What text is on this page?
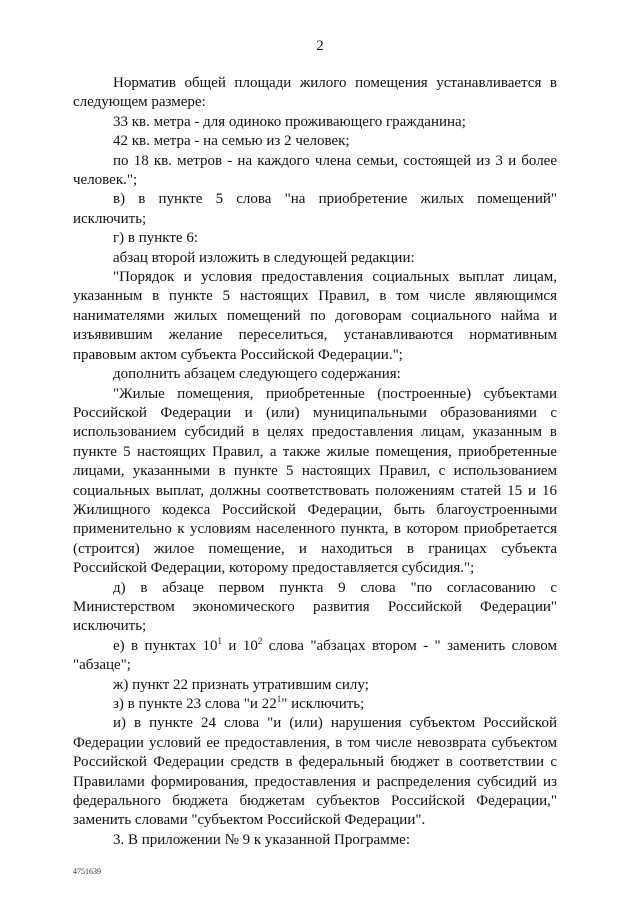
2

Норматив общей площади жилого помещения устанавливается в следующем размере:

33 кв. метра - для одиноко проживающего гражданина;

42 кв. метра - на семью из 2 человек;

по 18 кв. метров - на каждого члена семьи, состоящей из 3 и более человек.";

в) в пункте 5 слова "на приобретение жилых помещений" исключить;

г) в пункте 6:

абзац второй изложить в следующей редакции:

"Порядок и условия предоставления социальных выплат лицам, указанным в пункте 5 настоящих Правил, в том числе являющимся нанимателями жилых помещений по договорам социального найма и изъявившим желание переселиться, устанавливаются нормативным правовым актом субъекта Российской Федерации.";

дополнить абзацем следующего содержания:

"Жилые помещения, приобретенные (построенные) субъектами Российской Федерации и (или) муниципальными образованиями с использованием субсидий в целях предоставления лицам, указанным в пункте 5 настоящих Правил, а также жилые помещения, приобретенные лицами, указанными в пункте 5 настоящих Правил, с использованием социальных выплат, должны соответствовать положениям статей 15 и 16 Жилищного кодекса Российской Федерации, быть благоустроенными применительно к условиям населенного пункта, в котором приобретается (строится) жилое помещение, и находиться в границах субъекта Российской Федерации, которому предоставляется субсидия.";

д) в абзаце первом пункта 9 слова "по согласованию с Министерством экономического развития Российской Федерации" исключить;

е) в пунктах $10^1$ и $10^2$ слова "абзацах втором - " заменить словом "абзаце";

ж) пункт 22 признать утратившим силу;

з) в пункте 23 слова "и $22^1$" исключить;

и) в пункте 24 слова "и (или) нарушения субъектом Российской Федерации условий ее предоставления, в том числе невозврата субъектом Российской Федерации средств в федеральный бюджет в соответствии с Правилами формирования, предоставления и распределения субсидий из федерального бюджета бюджетам субъектов Российской Федерации," заменить словами "субъектом Российской Федерации".

3. В приложении № 9 к указанной Программе:

4751639
